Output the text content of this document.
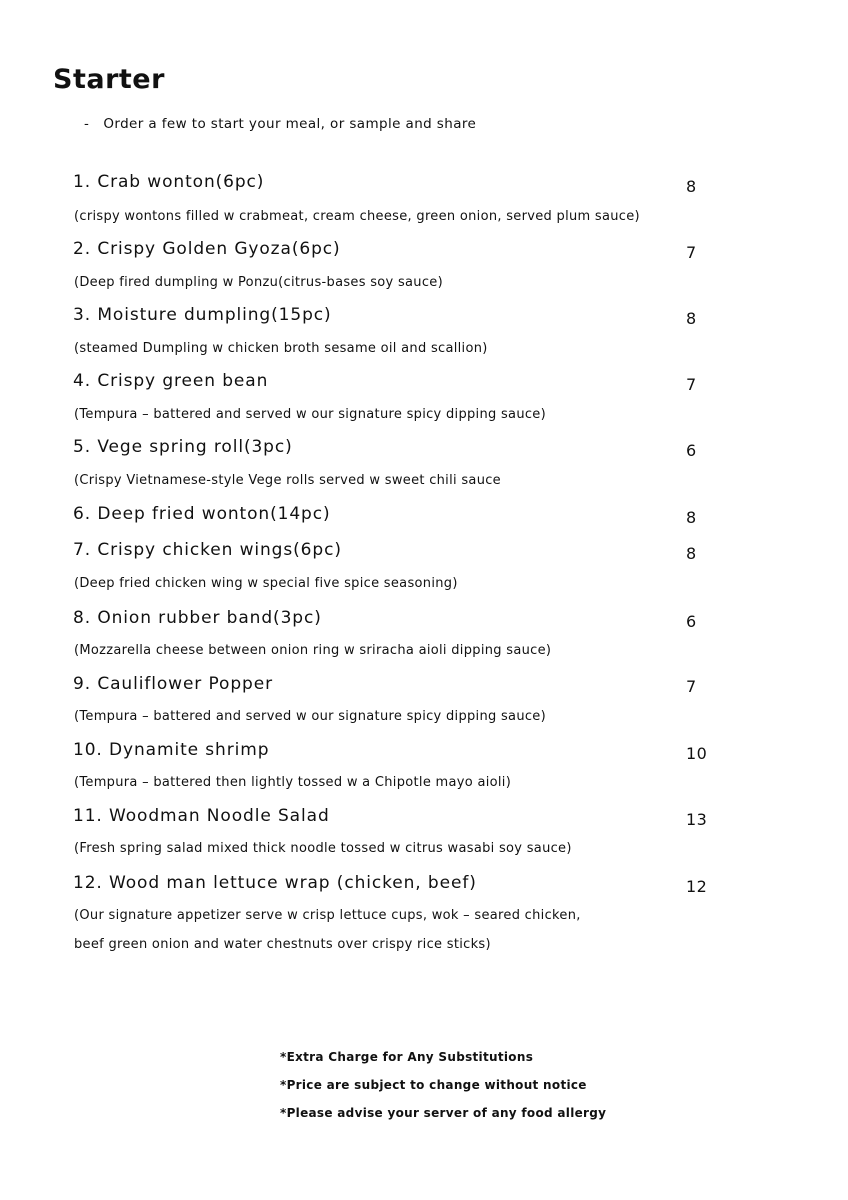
Starter
-   Order a few to start your meal, or sample and share
1. Crab wonton(6pc)	8
(crispy wontons filled w crabmeat, cream cheese, green onion, served plum sauce)
2. Crispy Golden Gyoza(6pc)	7
(Deep fired dumpling w Ponzu(citrus-bases soy sauce)
3. Moisture dumpling(15pc)	8
(steamed Dumpling w chicken broth sesame oil and scallion)
4. Crispy green bean	7
(Tempura – battered and served w our signature spicy dipping sauce)
5. Vege spring roll(3pc)	6
(Crispy Vietnamese-style Vege rolls served w sweet chili sauce
6. Deep fried wonton(14pc)	8
7. Crispy chicken wings(6pc)	8
(Deep fried chicken wing w special five spice seasoning)
8. Onion rubber band(3pc)	6
(Mozzarella cheese between onion ring w sriracha aioli dipping sauce)
9. Cauliflower Popper	7
(Tempura – battered and served w our signature spicy dipping sauce)
10. Dynamite shrimp	10
(Tempura – battered then lightly tossed w a Chipotle mayo aioli)
11. Woodman Noodle Salad	13
(Fresh spring salad mixed thick noodle tossed w citrus wasabi soy sauce)
12. Wood man lettuce wrap (chicken, beef)	12
(Our signature appetizer serve w crisp lettuce cups, wok – seared chicken,
beef green onion and water chestnuts over crispy rice sticks)
*Extra Charge for Any Substitutions
*Price are subject to change without notice
*Please advise your server of any food allergy
